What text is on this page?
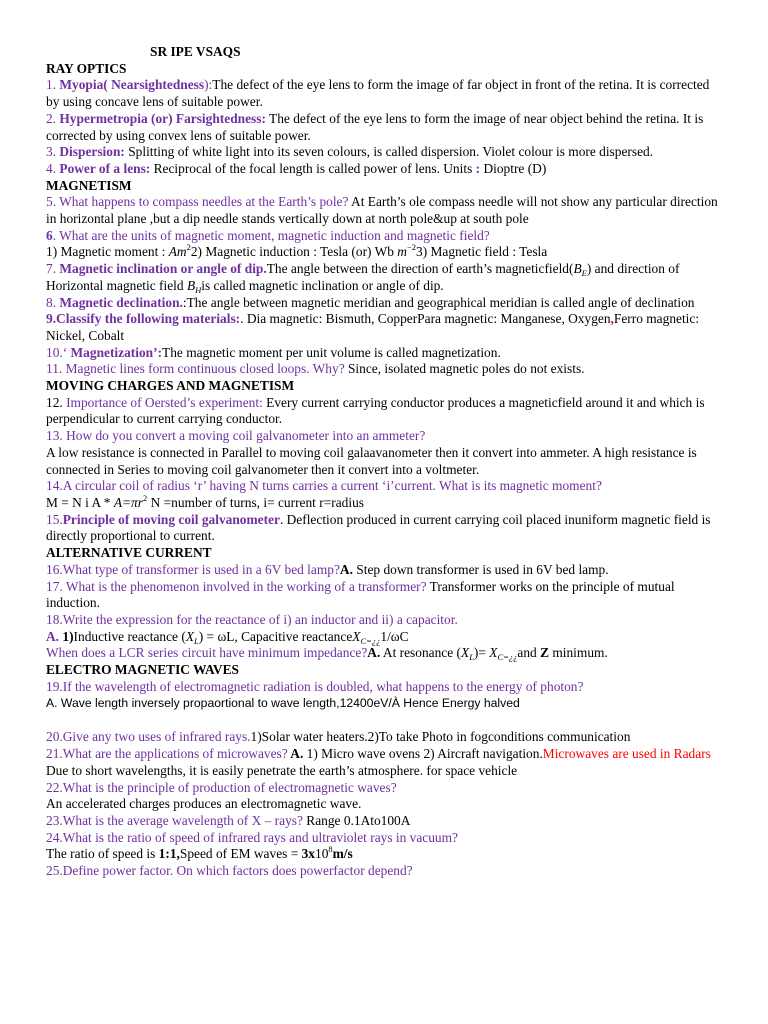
SR IPE VSAQS

RAY OPTICS

1. Myopia( Nearsightedness):The defect of the eye lens to form the image of far object in front of the retina. It is corrected by using concave lens of suitable power.

2. Hypermetropia (or) Farsightedness: The defect of the eye lens to form the image of near object behind the retina. It is corrected by using convex lens of suitable power.

3. Dispersion: Splitting of white light into its seven colours, is called dispersion. Violet colour is more dispersed.

4. Power of a lens: Reciprocal of the focal length is called power of lens. Units : Dioptre (D)

MAGNETISM

5. What happens to compass needles at the Earth’s pole? At Earth’s ole compass needle will not show any particular direction in horizontal plane ,but a dip needle stands vertically down at north pole&up at south pole

6. What are the units of magnetic moment, magnetic induction and magnetic field?

1) Magnetic moment : Am$^2$2) Magnetic induction : Tesla (or) Wb $m^{-2}3$) Magnetic field : Tesla

7. Magnetic inclination or angle of dip.The angle between the direction of earth’s $magneticfield(B_E)$ and direction of Horizontal magnetic field $B_His$ called magnetic inclination or angle of dip.

8. Magnetic declination.:The angle between magnetic meridian and geographical meridian is called angle of declination

9.Classify the following materials:. Dia magnetic: Bismuth, CopperPara magnetic: Manganese, Oxygen,Ferro magnetic: Nickel, Cobalt

10.‘ Magnetization’:The magnetic moment per unit volume is called magnetization.

11. Magnetic lines form continuous closed loops. Why? Since, isolated magnetic poles do not exists.

MOVING CHARGES AND MAGNETISM

12. Importance of Oersted’s experiment: Every current carrying conductor produces a magneticfield around it and which is perpendicular to current carrying conductor.

13. How do you convert a moving coil galvanometer into an ammeter?

A low resistance is connected in Parallel to moving coil galaavanometer then it convert into ammeter. A high resistance is connected in Series to moving coil galvanometer then it convert into a voltmeter.

14.A circular coil of radius ‘r’ having N turns carries a current ‘i’current. What is its magnetic moment?

M = N i $A * A=\pi r^2$ N =number of turns, i= current r=radius

15.Principle of moving coil galvanometer. Deflection produced in current carrying coil placed inuniform magnetic field is directly proportional to current.

ALTERNATIVE CURRENT

16.What type of transformer is used in a 6V bed lamp?A. Step down transformer is used in 6V bed lamp.

17. What is the phenomenon involved in the working of a transformer? Transformer works on the principle of mutual induction.

18.Write the expression for the reactance of i) an inductor and ii) a capacitor.

A. 1)Inductive reactance $(X_L) = \omega L$, Capacitive reactanceX$_{C=¿¿}$1/ωC

When does a LCR series circuit have minimum impedance?A. At resonance $(X_L)= X_{C=¿¿}and$ Z minimum.

ELECTRO MAGNETIC WAVES

19.If the wavelength of electromagnetic radiation is doubled, what happens to the energy of photon?

A. Wave length inversely propaortional to wave length,12400eV/À Hence Energy halved

20.Give any two uses of infrared rays.1)Solar water heaters.2)To take Photo in fogconditions communication

21.What are the applications of microwaves? A. 1) Micro wave ovens 2) Aircraft navigation.Microwaves are used in Radars Due to short wavelengths, it is easily penetrate the earth’s atmosphere. for space vehicle

22.What is the principle of production of electromagnetic waves?

An accelerated charges produces an electromagnetic wave.

23.What is the average wavelength of X – rays? Range 0.1Ato100A

24.What is the ratio of speed of infrared rays and ultraviolet rays in vacuum?

The ratio of speed is 1:1,Speed of EM waves = $3x10^8m/s$

25.Define power factor. On which factors does powerfactor depend?
